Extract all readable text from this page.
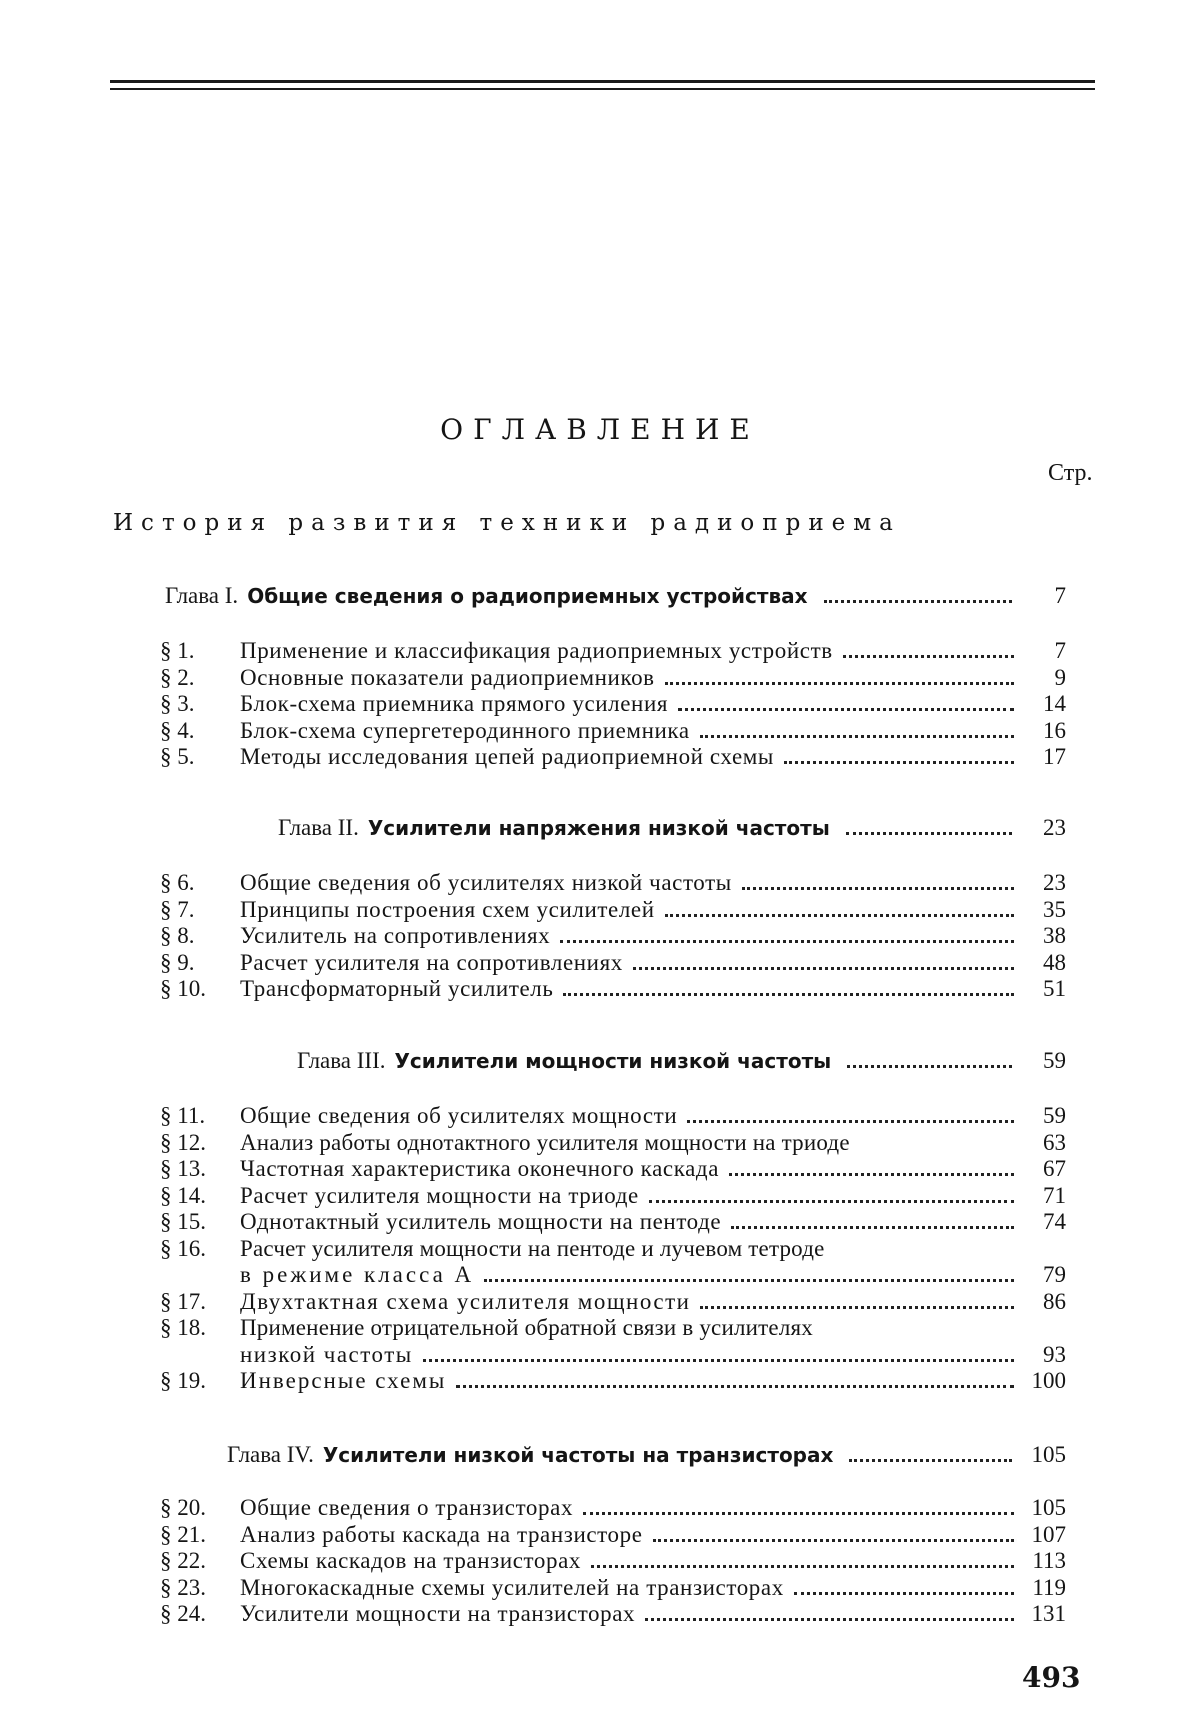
ОГЛАВЛЕНИЕ
Стр.
История развития техники радиоприема
Глава I. Общие сведения о радиоприемных устройствах	7
§ 1.	Применение и классификация радиоприемных устройств	7
§ 2.	Основные показатели радиоприемников	9
§ 3.	Блок-схема приемника прямого усиления	14
§ 4.	Блок-схема супергетеродинного приемника	16
§ 5.	Методы исследования цепей радиоприемной схемы	17
Глава II. Усилители напряжения низкой частоты	23
§ 6.	Общие сведения об усилителях низкой частоты	23
§ 7.	Принципы построения схем усилителей	35
§ 8.	Усилитель на сопротивлениях	38
§ 9.	Расчет усилителя на сопротивлениях	48
§ 10.	Трансформаторный усилитель	51
Глава III. Усилители мощности низкой частоты	59
§ 11.	Общие сведения об усилителях мощности	59
§ 12.	Анализ работы однотактного усилителя мощности на триоде	63
§ 13.	Частотная характеристика оконечного каскада	67
§ 14.	Расчет усилителя мощности на триоде	71
§ 15.	Однотактный усилитель мощности на пентоде	74
§ 16.	Расчет усилителя мощности на пентоде и лучевом тетроде
в режиме класса А	79
§ 17.	Двухтактная схема усилителя мощности	86
§ 18.	Применение отрицательной обратной связи в усилителях
низкой частоты	93
§ 19.	Инверсные схемы	100
Глава IV. Усилители низкой частоты на транзисторах	105
§ 20.	Общие сведения о транзисторах	105
§ 21.	Анализ работы каскада на транзисторе	107
§ 22.	Схемы каскадов на транзисторах	113
§ 23.	Многокаскадные схемы усилителей на транзисторах	119
§ 24.	Усилители мощности на транзисторах	131
493
